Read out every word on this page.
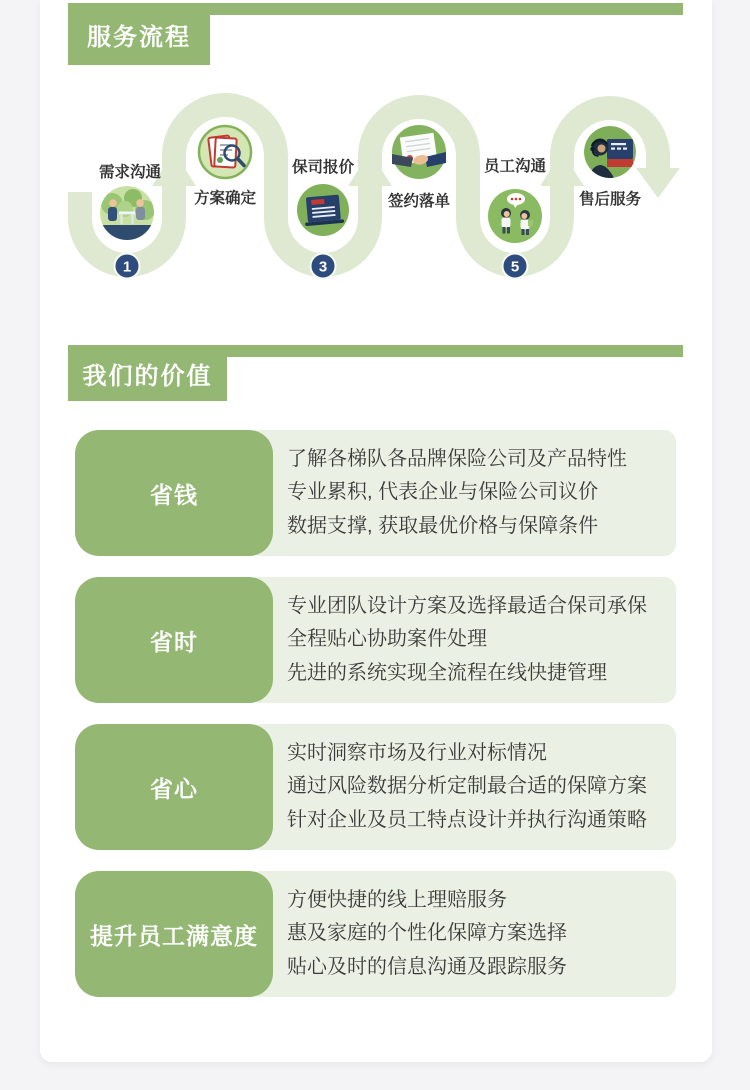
服务流程
需求沟通
方案确定
保司报价
签约落单
员工沟通
售后服务
1	3	5
我们的价值
省钱
了解各梯队各品牌保险公司及产品特性
专业累积, 代表企业与保险公司议价
数据支撑, 获取最优价格与保障条件
省时
专业团队设计方案及选择最适合保司承保
全程贴心协助案件处理
先进的系统实现全流程在线快捷管理
省心
实时洞察市场及行业对标情况
通过风险数据分析定制最合适的保障方案
针对企业及员工特点设计并执行沟通策略
提升员工满意度
方便快捷的线上理赔服务
惠及家庭的个性化保障方案选择
贴心及时的信息沟通及跟踪服务
